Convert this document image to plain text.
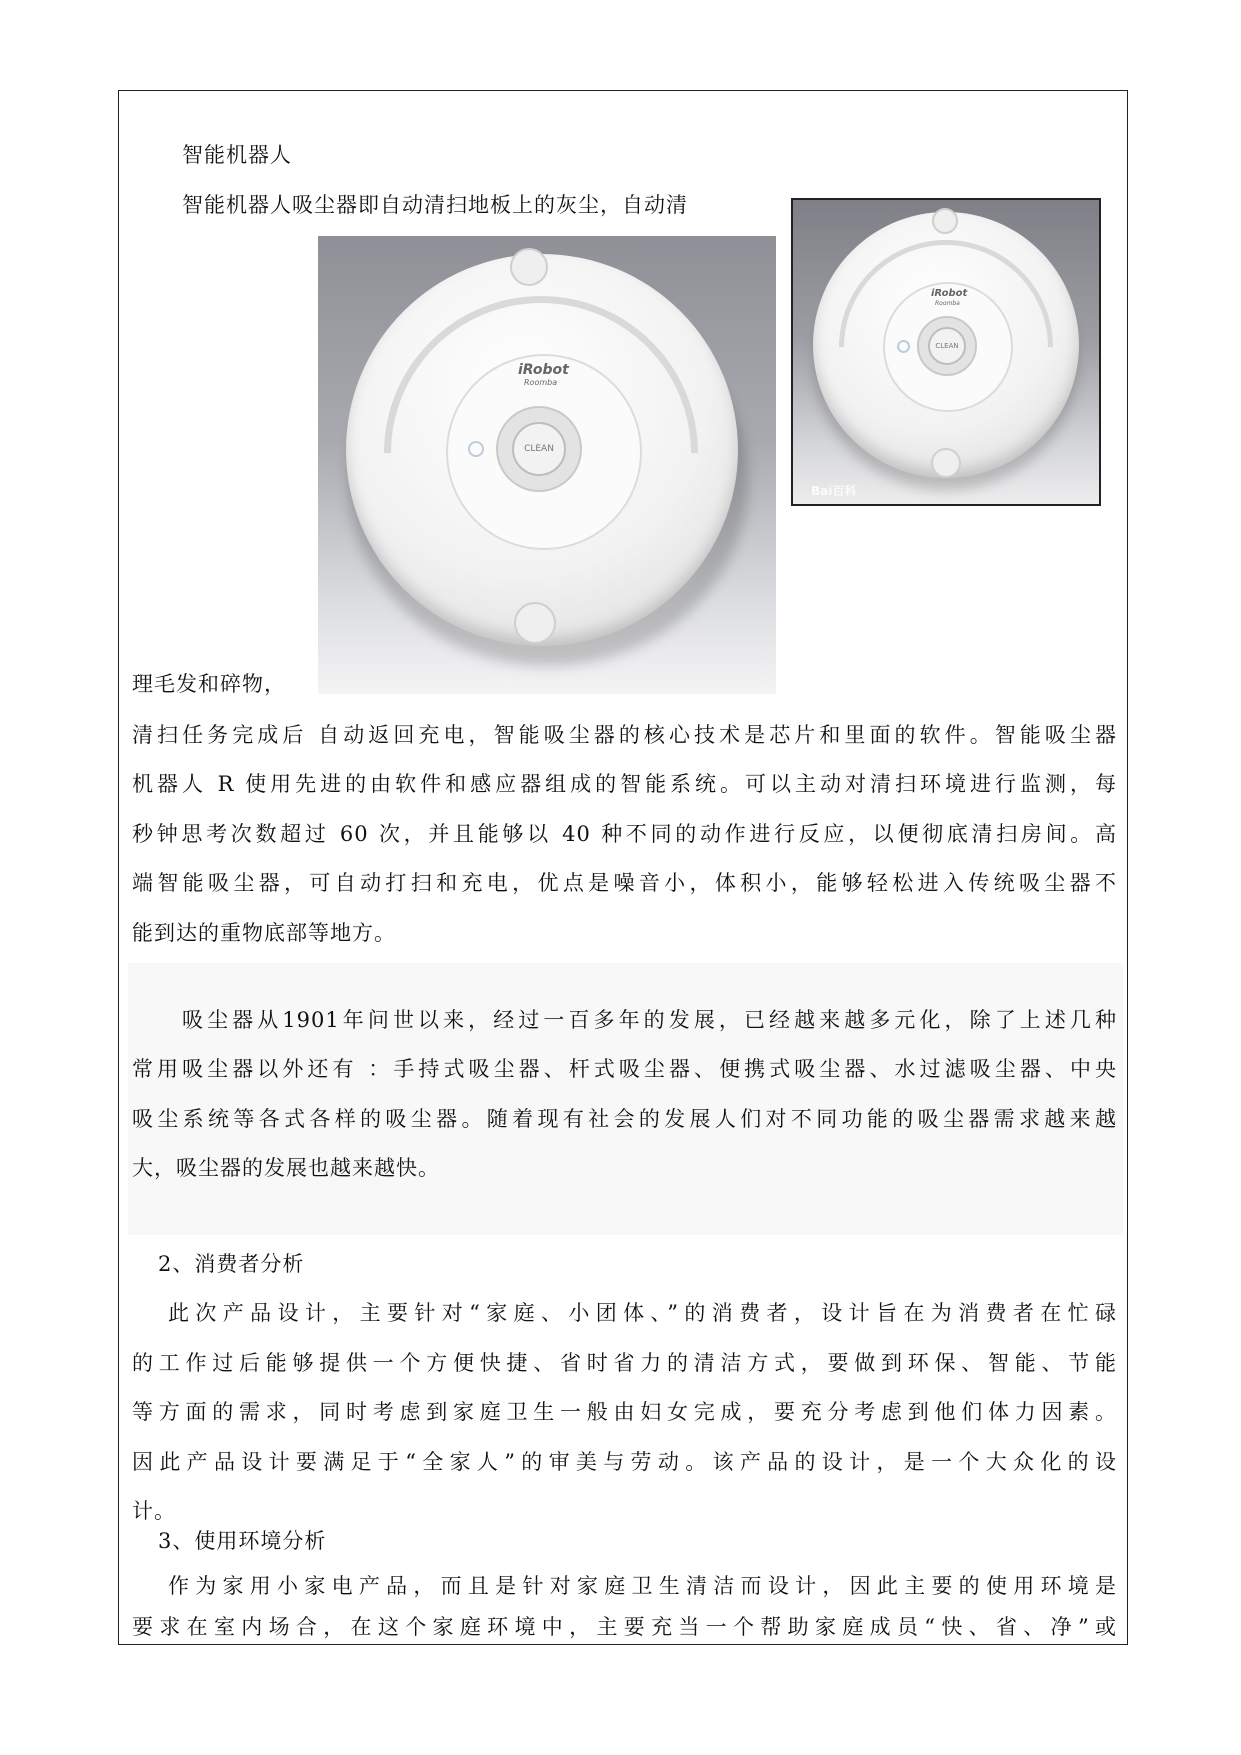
智能机器人
智能机器人吸尘器即自动清扫地板上的灰尘，自动清
理毛发和碎物，
iRobot
Roomba
CLEAN
iRobot
Roomba
CLEAN
Bai百科
清扫任务完成后 自动返回充电，智能吸尘器的核心技术是芯片和里面的软件。智能吸尘器
机器人 R 使用先进的由软件和感应器组成的智能系统。可以主动对清扫环境进行监测，每
秒钟思考次数超过 60 次，并且能够以 40 种不同的动作进行反应，以便彻底清扫房间。高
端智能吸尘器，可自动打扫和充电，优点是噪音小，体积小，能够轻松进入传统吸尘器不
能到达的重物底部等地方。
吸尘器从1901年问世以来，经过一百多年的发展，已经越来越多元化，除了上述几种
常用吸尘器以外还有 ：手持式吸尘器、杆式吸尘器、便携式吸尘器、水过滤吸尘器、中央
吸尘系统等各式各样的吸尘器。随着现有社会的发展人们对不同功能的吸尘器需求越来越
大，吸尘器的发展也越来越快。
2、消费者分析
此次产品设计，主要针对“家庭、小团体、”的消费者，设计旨在为消费者在忙碌
的工作过后能够提供一个方便快捷、省时省力的清洁方式，要做到环保、智能、节能
等方面的需求，同时考虑到家庭卫生一般由妇女完成，要充分考虑到他们体力因素。
因此产品设计要满足于“全家人”的审美与劳动。该产品的设计，是一个大众化的设
计。
3、使用环境分析
作为家用小家电产品，而且是针对家庭卫生清洁而设计，因此主要的使用环境是
要求在室内场合，在这个家庭环境中，主要充当一个帮助家庭成员“快、省、净”或
